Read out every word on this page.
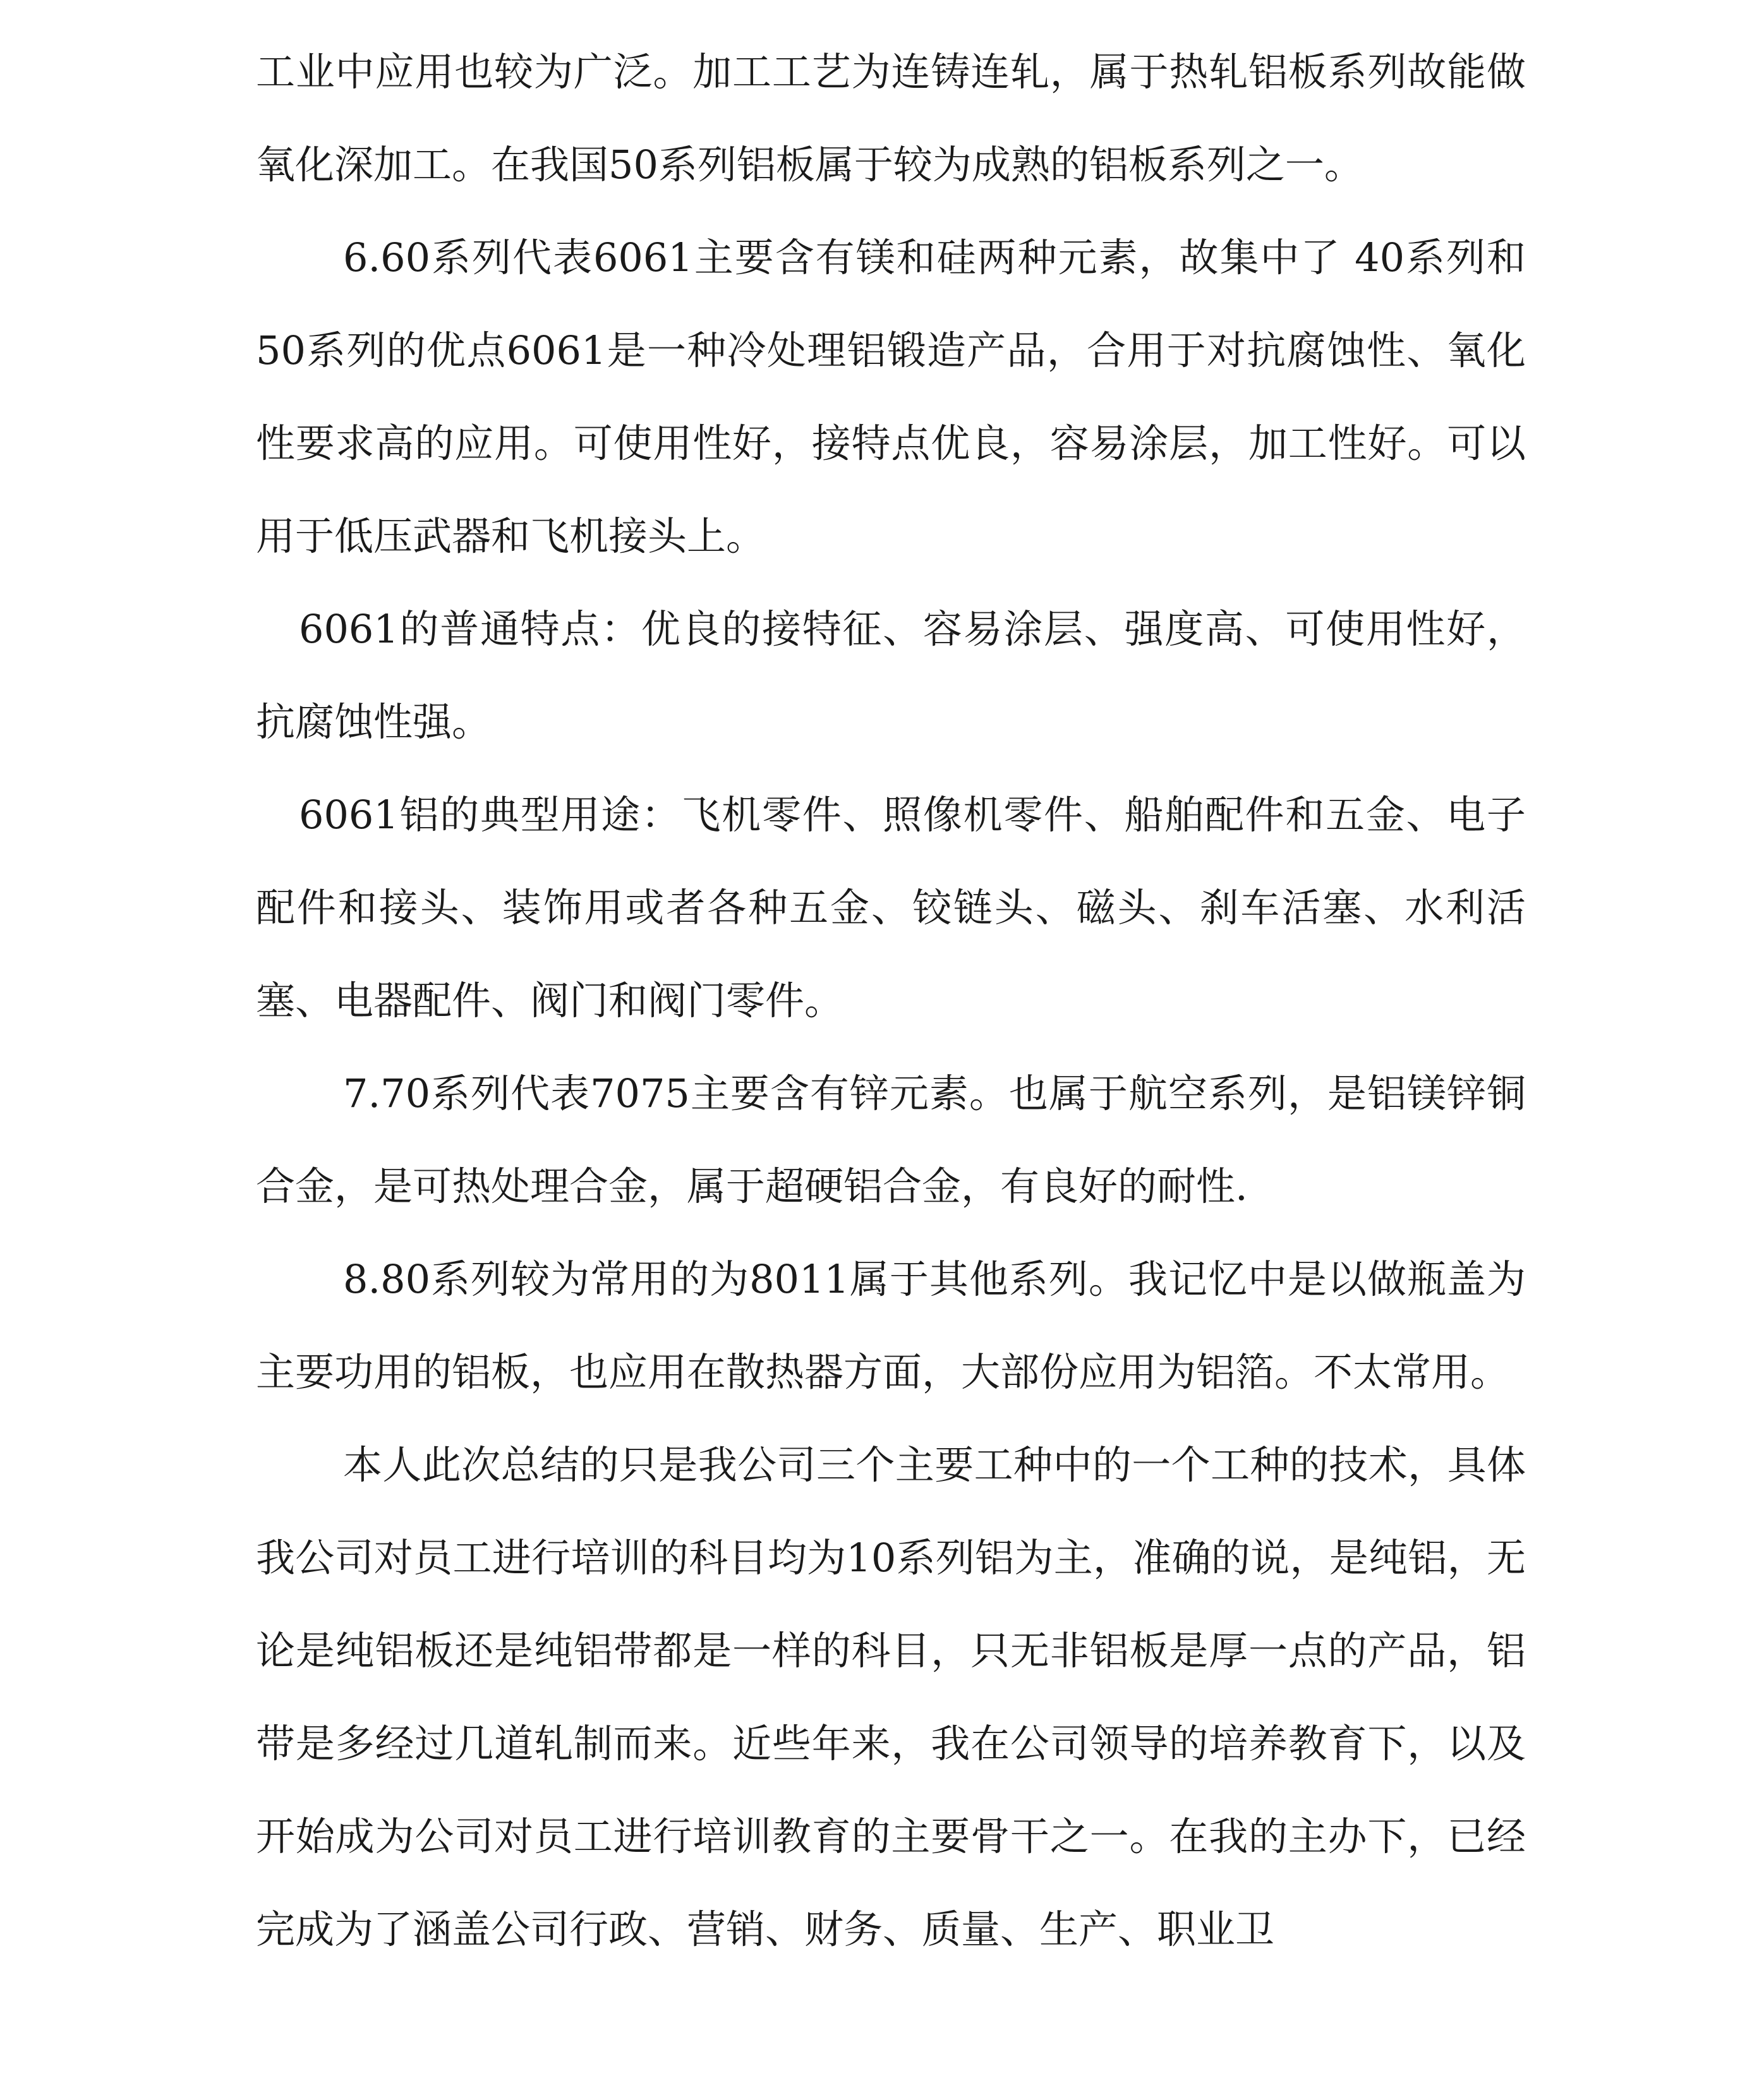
工业中应用也较为广泛。加工工艺为连铸连轧，属于热轧铝板系列故能做氧化深加工。在我国50系列铝板属于较为成熟的铝板系列之一。

6.60系列代表6061主要含有镁和硅两种元素，故集中了 40系列和50系列的优点6061是一种冷处理铝锻造产品，合用于对抗腐蚀性、氧化性要求高的应用。可使用性好，接特点优良，容易涂层，加工性好。可以用于低压武器和飞机接头上。

6061的普通特点：优良的接特征、容易涂层、强度高、可使用性好，抗腐蚀性强。

6061铝的典型用途：飞机零件、照像机零件、船舶配件和五金、电子配件和接头、装饰用或者各种五金、铰链头、磁头、刹车活塞、水利活塞、电器配件、阀门和阀门零件。

7.70系列代表7075主要含有锌元素。也属于航空系列，是铝镁锌铜合金，是可热处理合金，属于超硬铝合金，有良好的耐性.

8.80系列较为常用的为8011属于其他系列。我记忆中是以做瓶盖为主要功用的铝板，也应用在散热器方面，大部份应用为铝箔。不太常用。

本人此次总结的只是我公司三个主要工种中的一个工种的技术，具体我公司对员工进行培训的科目均为10系列铝为主，准确的说，是纯铝，无论是纯铝板还是纯铝带都是一样的科目，只无非铝板是厚一点的产品，铝带是多经过几道轧制而来。近些年来，我在公司领导的培养教育下，以及开始成为公司对员工进行培训教育的主要骨干之一。在我的主办下，已经完成为了涵盖公司行政、营销、财务、质量、生产、职业卫
